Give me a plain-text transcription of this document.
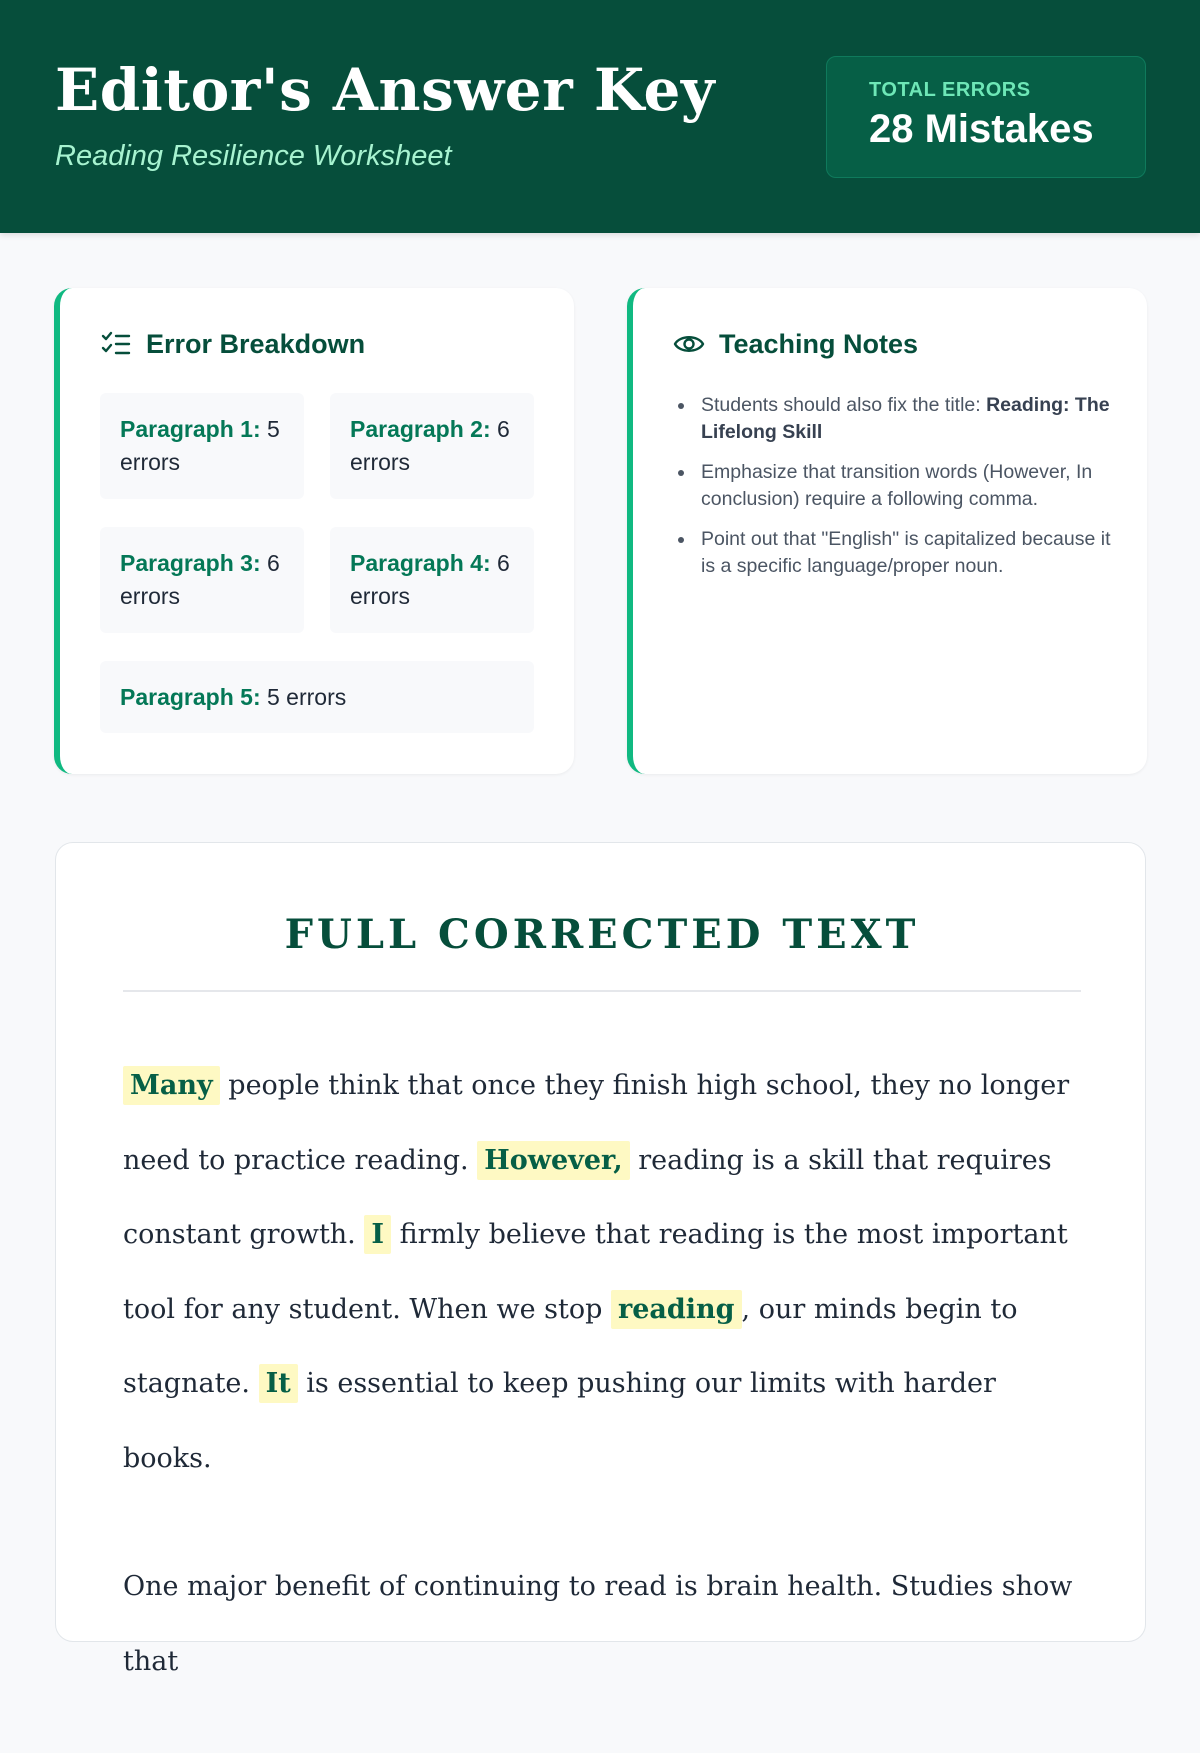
Editor's Answer Key
Reading Resilience Worksheet
TOTAL ERRORS
28 Mistakes
Error Breakdown
Paragraph 1: 5 errors
Paragraph 2: 6 errors
Paragraph 3: 6 errors
Paragraph 4: 6 errors
Paragraph 5: 5 errors
Teaching Notes
Students should also fix the title: Reading: The Lifelong Skill
Emphasize that transition words (However, In conclusion) require a following comma.
Point out that "English" is capitalized because it is a specific language/proper noun.
FULL CORRECTED TEXT

Many people think that once they finish high school, they no longer need to practice reading. However, reading is a skill that requires constant growth. I firmly believe that reading is the most important tool for any student. When we stop reading , our minds begin to stagnate. It is essential to keep pushing our limits with harder books.

One major benefit of continuing to read is brain health. Studies show that
